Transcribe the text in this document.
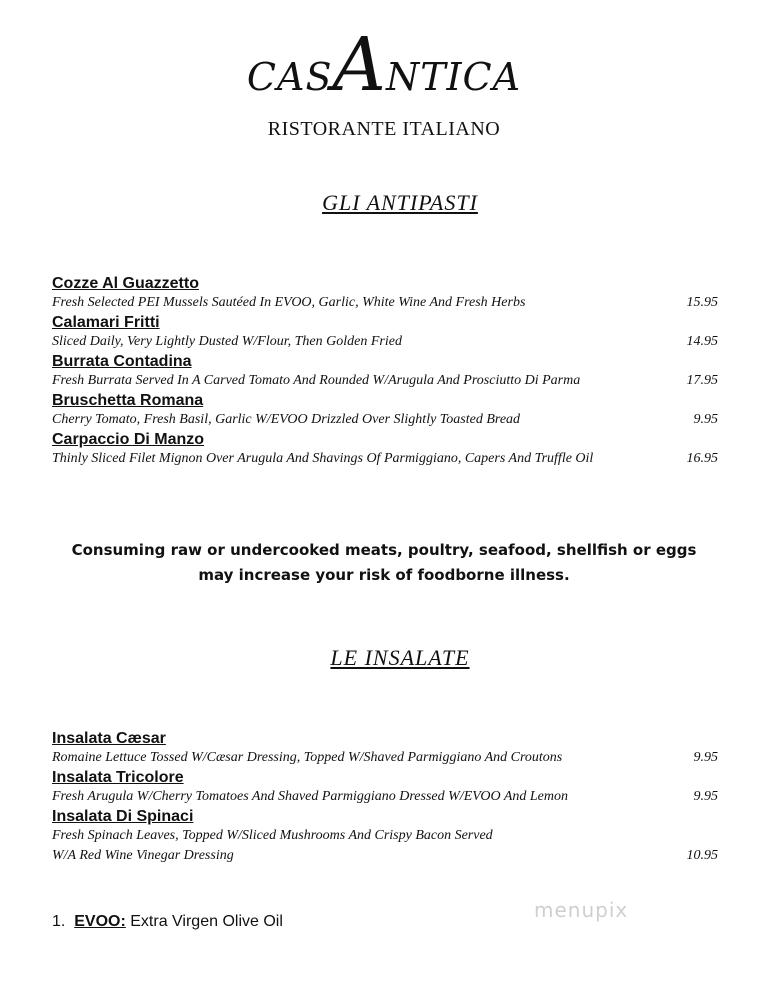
CASANTICA
RISTORANTE ITALIANO
GLI ANTIPASTI
Cozze Al Guazzetto
Fresh Selected PEI Mussels Sautéed In EVOO, Garlic, White Wine And Fresh Herbs	15.95
Calamari Fritti
Sliced Daily, Very Lightly Dusted W/Flour, Then Golden Fried	14.95
Burrata Contadina
Fresh Burrata Served In A Carved Tomato And Rounded W/Arugula And Prosciutto Di Parma	17.95
Bruschetta Romana
Cherry Tomato, Fresh Basil, Garlic W/EVOO Drizzled Over Slightly Toasted Bread	9.95
Carpaccio Di Manzo
Thinly Sliced Filet Mignon Over Arugula And Shavings Of Parmiggiano, Capers And Truffle Oil	16.95
Consuming raw or undercooked meats, poultry, seafood, shellfish or eggs
may increase your risk of foodborne illness.
LE INSALATE
Insalata Cæsar
Romaine Lettuce Tossed W/Cæsar Dressing, Topped W/Shaved Parmiggiano And Croutons	9.95
Insalata Tricolore
Fresh Arugula W/Cherry Tomatoes And Shaved Parmiggiano Dressed W/EVOO And Lemon	9.95
Insalata Di Spinaci
Fresh Spinach Leaves, Topped W/Sliced Mushrooms And Crispy Bacon Served
W/A Red Wine Vinegar Dressing	10.95
1. EVOO: Extra Virgen Olive Oil	menupix
